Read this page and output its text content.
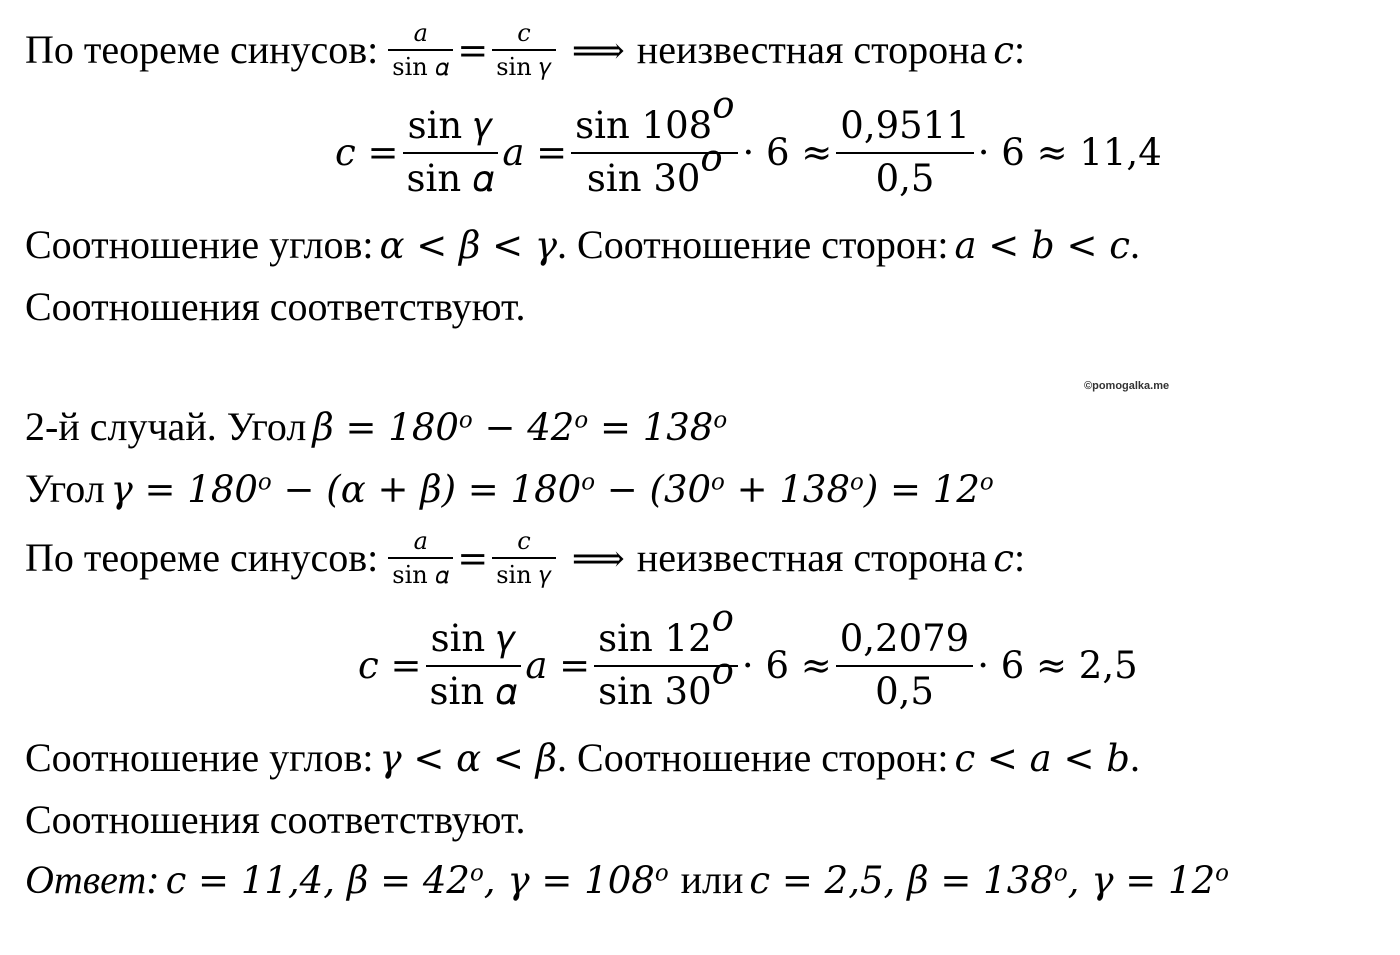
По теореме синусов: $\frac{\text{𝑎}}{\text{sin 𝛼}} = \frac{\text{𝑐}}{\text{sin 𝛾}}$ ⟹ неизвестная сторона 𝑐 :
𝑐 = $\frac{\text{sin 𝛾}}{\text{sin 𝛼}}$ 𝑎 = $\frac{\sin 108^𝑜}{\sin 30^𝑜} \cdot 6 \approx \frac{0,9511}{0,5} \cdot 6 \approx 11,4$
Соотношение углов: 𝛼 < 𝛽 < 𝛾 . Соотношение сторон: 𝑎 < 𝑏 < 𝑐 .
Соотношения соответствуют.
©pomogalka.me
2-й случай. Угол 𝛽 = $180^𝑜 - 42^𝑜 = 138^𝑜$
Угол 𝛾 = $180^𝑜$ − (𝛼 + 𝛽) = $180^𝑜 - (30^𝑜 + 138^𝑜) = 12^𝑜$
По теореме синусов: $\frac{\text{𝑎}}{\text{sin 𝛼}} = \frac{\text{𝑐}}{\text{sin 𝛾}}$ ⟹ неизвестная сторона 𝑐 :
𝑐 = $\frac{\text{sin 𝛾}}{\text{sin 𝛼}}$ 𝑎 = $\frac{\sin 12^𝑜}{\sin 30^𝑜} \cdot 6 \approx \frac{0,2079}{0,5} \cdot 6 \approx 2,5$
Соотношение углов: 𝛾 < 𝛼 < 𝛽 . Соотношение сторон: 𝑐 < 𝑎 < 𝑏 .
Соотношения соответствуют.
Ответ: 𝑐 = 11,4, 𝛽 = $42^𝑜$, 𝛾 = $108^𝑜$ или 𝑐 = 2,5, 𝛽 = $138^𝑜$, 𝛾 = $12^𝑜$
